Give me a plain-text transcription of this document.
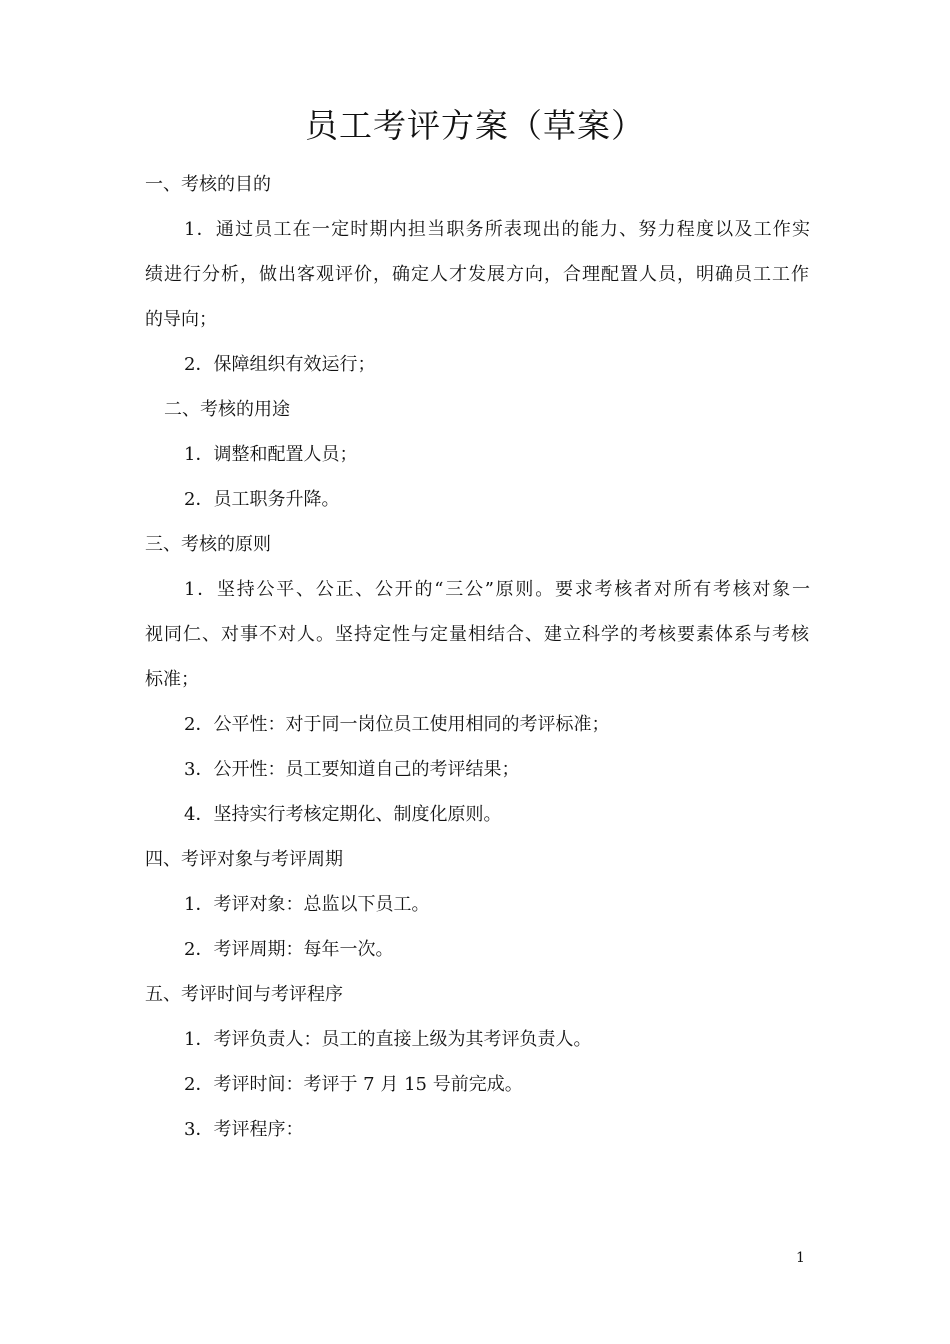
员工考评方案（草案）

一、考核的目的

1．通过员工在一定时期内担当职务所表现出的能力、努力程度以及工作实

绩进行分析，做出客观评价，确定人才发展方向，合理配置人员，明确员工工作

的导向；

2．保障组织有效运行；

二、考核的用途

1．调整和配置人员；

2．员工职务升降。

三、考核的原则

1．坚持公平、公正、公开的“三公”原则。要求考核者对所有考核对象一

视同仁、对事不对人。坚持定性与定量相结合、建立科学的考核要素体系与考核

标准；

2．公平性：对于同一岗位员工使用相同的考评标准；

3．公开性：员工要知道自己的考评结果；

4．坚持实行考核定期化、制度化原则。

四、考评对象与考评周期

1．考评对象：总监以下员工。

2．考评周期：每年一次。

五、考评时间与考评程序

1．考评负责人：员工的直接上级为其考评负责人。

2．考评时间：考评于 7 月 15 号前完成。

3．考评程序：

1
